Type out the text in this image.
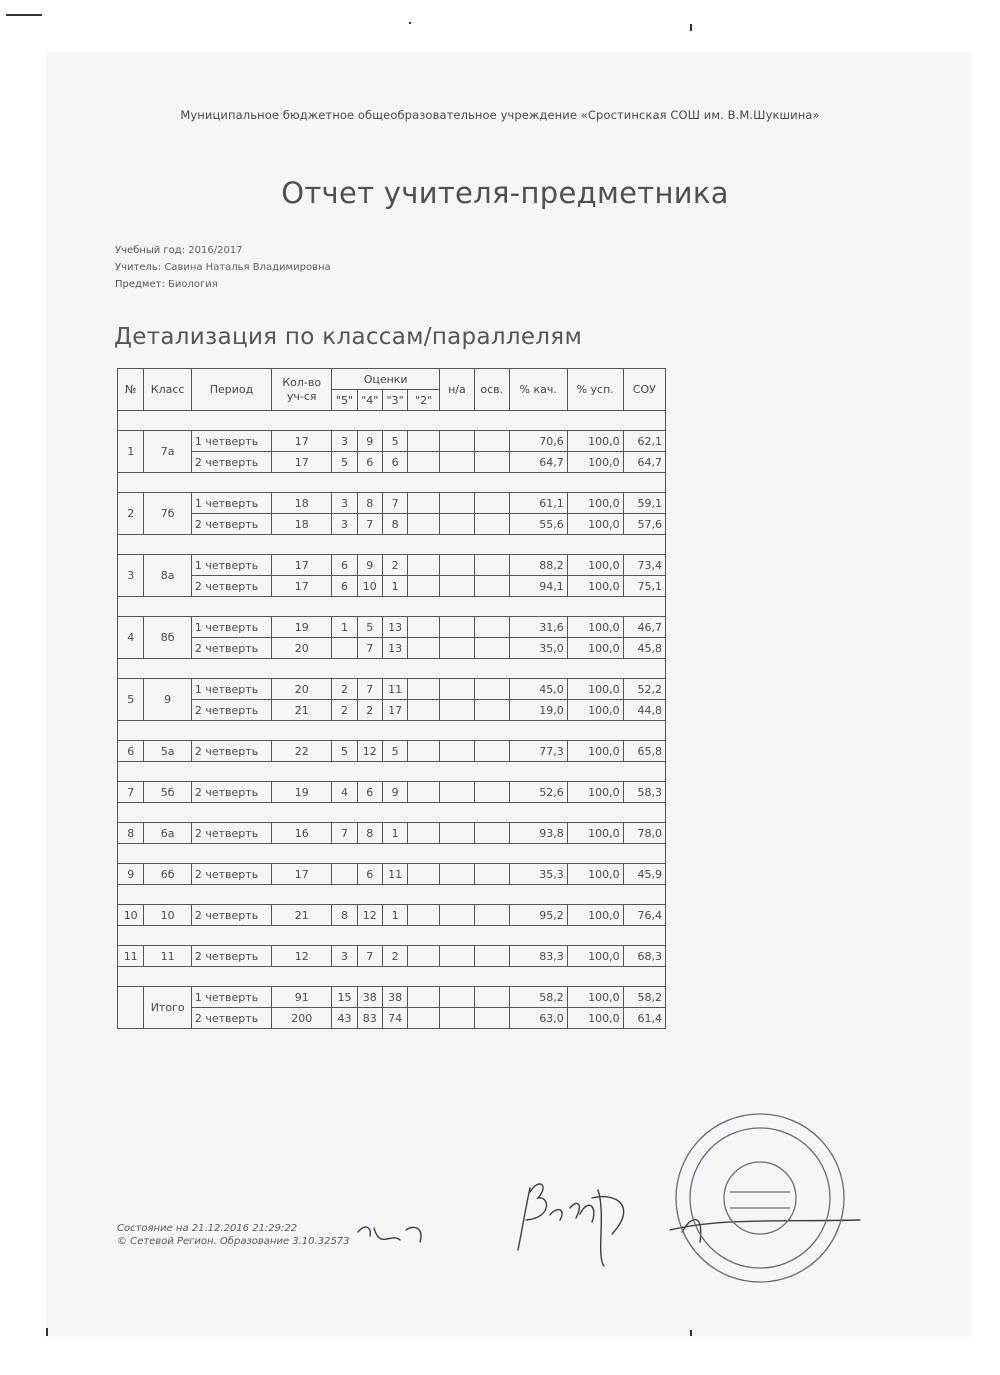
Муниципальное бюджетное общеобразовательное учреждение «Сростинская СОШ им. В.М.Шукшина»
Отчет учителя-предметника
Учебный год: 2016/2017
Учитель: Савина Наталья Владимировна
Предмет: Биология
Детализация по классам/параллелям
№	Класс	Период	Кол-во уч-ся	Оценки				н/а	осв.	% кач.	% усп.	СОУ
				"5"	"4"	"3"	"2"					

1	7а	1 четверть	17	3	9	5				70,6	100,0	62,1
		2 четверть	17	5	6	6				64,7	100,0	64,7

2	7б	1 четверть	18	3	8	7				61,1	100,0	59,1
		2 четверть	18	3	7	8				55,6	100,0	57,6

3	8а	1 четверть	17	6	9	2				88,2	100,0	73,4
		2 четверть	17	6	10	1				94,1	100,0	75,1

4	8б	1 четверть	19	1	5	13				31,6	100,0	46,7
		2 четверть	20		7	13				35,0	100,0	45,8

5	9	1 четверть	20	2	7	11				45,0	100,0	52,2
		2 четверть	21	2	2	17				19,0	100,0	44,8

6	5а	2 четверть	22	5	12	5				77,3	100,0	65,8

7	5б	2 четверть	19	4	6	9				52,6	100,0	58,3

8	6а	2 четверть	16	7	8	1				93,8	100,0	78,0

9	6б	2 четверть	17		6	11				35,3	100,0	45,9

10	10	2 четверть	21	8	12	1				95,2	100,0	76,4

11	11	2 четверть	12	3	7	2				83,3	100,0	68,3

	Итого	1 четверть	91	15	38	38				58,2	100,0	58,2
		2 четверть	200	43	83	74				63,0	100,0	61,4
Состояние на 21.12.2016 21:29:22
© Сетевой Регион. Образование 3.10.32573
